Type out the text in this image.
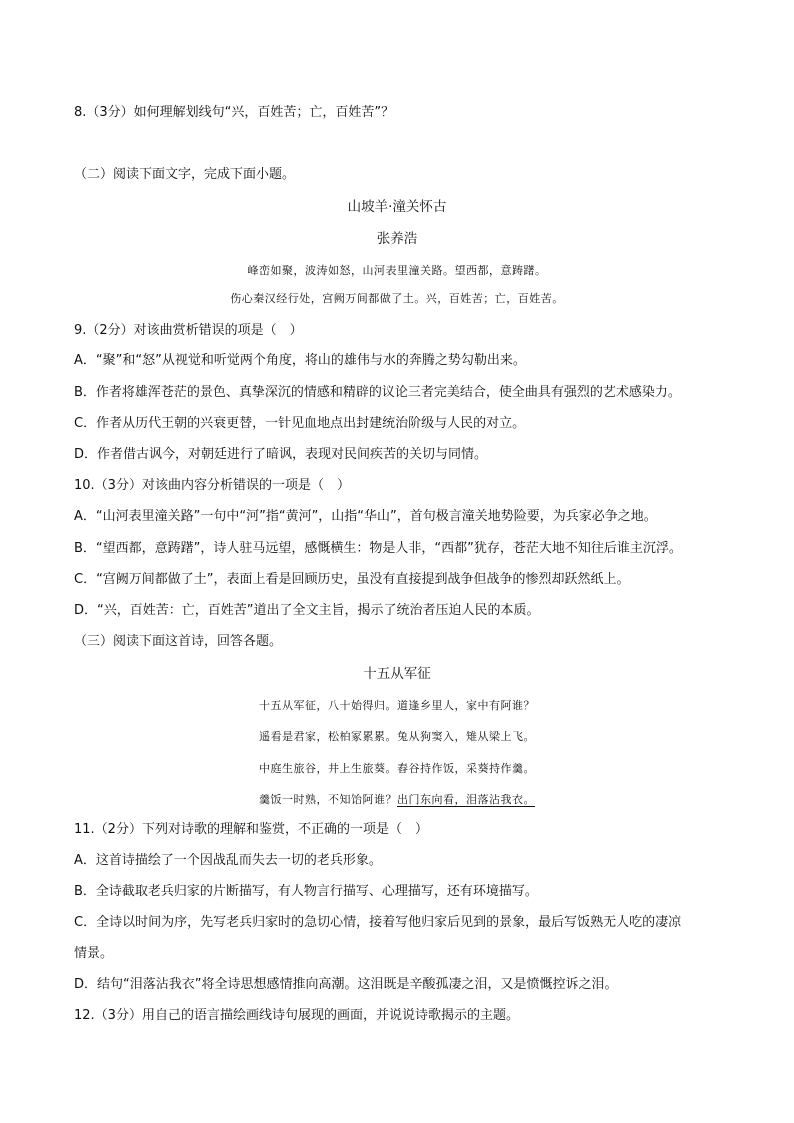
8.（3分）如何理解划线句“兴，百姓苦；亡，百姓苦”？
（二）阅读下面文字，完成下面小题。
山坡羊·潼关怀古
张养浩
峰峦如聚，波涛如怒，山河表里潼关路。望西都，意踌躇。
伤心秦汉经行处，宫阙万间都做了土。兴，百姓苦；亡，百姓苦。
9.（2分）对该曲赏析错误的项是（　）
A．“聚”和“怒”从视觉和听觉两个角度，将山的雄伟与水的奔腾之势勾勒出来。
B．作者将雄浑苍茫的景色、真挚深沉的情感和精辟的议论三者完美结合，使全曲具有强烈的艺术感染力。
C．作者从历代王朝的兴衰更替，一针见血地点出封建统治阶级与人民的对立。
D．作者借古讽今，对朝廷进行了暗讽，表现对民间疾苦的关切与同情。
10.（3分）对该曲内容分析错误的一项是（　）
A．“山河表里潼关路”一句中“河”指“黄河”，山指“华山”，首句极言潼关地势险要，为兵家必争之地。
B．“望西都，意踌躇”，诗人驻马远望，感慨横生：物是人非，“西都”犹存，苍茫大地不知往后谁主沉浮。
C．“宫阙万间都做了土”，表面上看是回顾历史，虽没有直接提到战争但战争的惨烈却跃然纸上。
D．“兴，百姓苦：亡，百姓苦”道出了全文主旨，揭示了统治者压迫人民的本质。
（三）阅读下面这首诗，回答各题。
十五从军征
十五从军征，八十始得归。道逢乡里人，家中有阿谁？
遥看是君家，松柏冢累累。兔从狗窦入，雉从梁上飞。
中庭生旅谷，井上生旅葵。舂谷持作饭，采葵持作羹。
羹饭一时熟，不知饴阿谁？出门东向看，泪落沾我衣。
11.（2分）下列对诗歌的理解和鉴赏，不正确的一项是（　）
A．这首诗描绘了一个因战乱而失去一切的老兵形象。
B．全诗截取老兵归家的片断描写，有人物言行描写、心理描写，还有环境描写。
C．全诗以时间为序，先写老兵归家时的急切心情，接着写他归家后见到的景象，最后写饭熟无人吃的凄凉
情景。
D．结句“泪落沾我衣”将全诗思想感情推向高潮。这泪既是辛酸孤凄之泪，又是愤慨控诉之泪。
12.（3分）用自己的语言描绘画线诗句展现的画面，并说说诗歌揭示的主题。
